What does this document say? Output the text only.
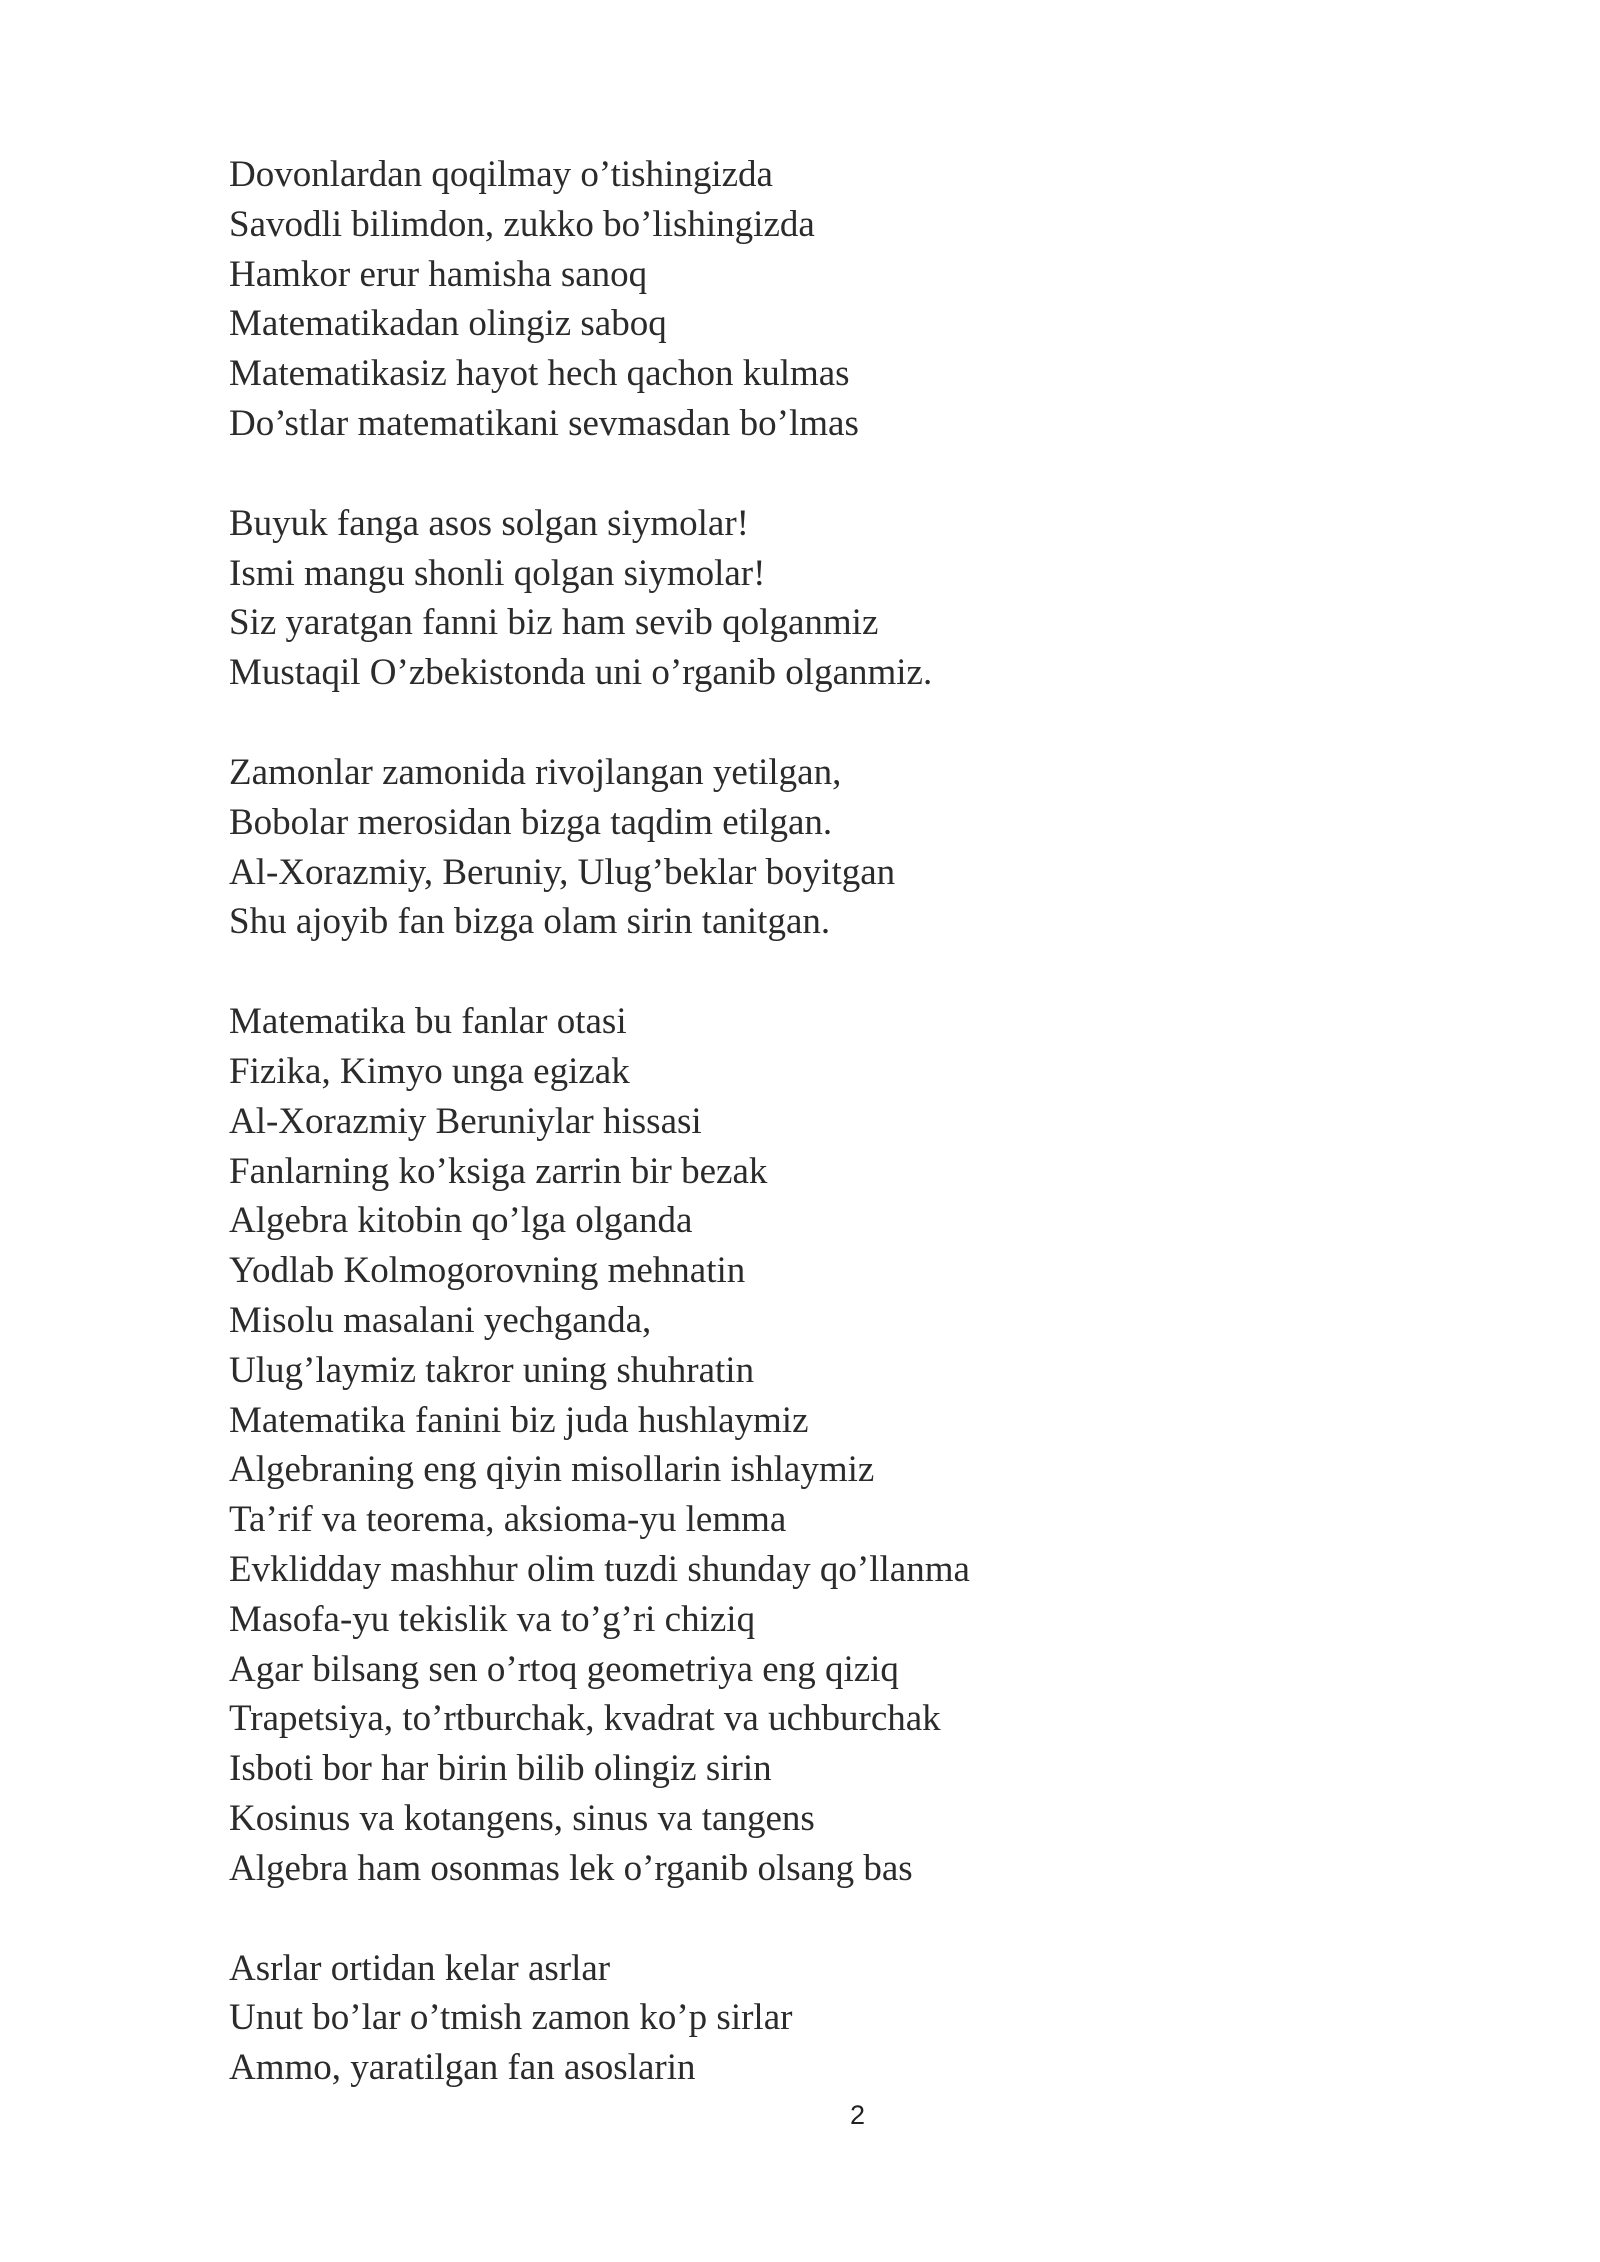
Dovonlardan qoqilmay o’tishingizda
Savodli bilimdon, zukko bo’lishingizda
Hamkor erur hamisha sanoq
Matematikadan olingiz saboq
Matematikasiz hayot hech qachon kulmas
Do’stlar matematikani sevmasdan bo’lmas
Buyuk fanga asos solgan siymolar!
Ismi mangu shonli qolgan siymolar!
Siz yaratgan fanni biz ham sevib qolganmiz
Mustaqil O’zbekistonda uni o’rganib olganmiz.
Zamonlar zamonida rivojlangan yetilgan,
Bobolar merosidan bizga taqdim etilgan.
Al-Xorazmiy, Beruniy, Ulug’beklar boyitgan
Shu ajoyib fan bizga olam sirin tanitgan.
Matematika bu fanlar otasi
Fizika, Kimyo unga egizak
Al-Xorazmiy Beruniylar hissasi
Fanlarning ko’ksiga zarrin bir bezak
Algebra kitobin qo’lga olganda
Yodlab Kolmogorovning mehnatin
Misolu masalani yechganda,
Ulug’laymiz takror uning shuhratin
Matematika fanini biz juda hushlaymiz
Algebraning eng qiyin misollarin ishlaymiz
Ta’rif va teorema, aksioma-yu lemma
Evklidday mashhur olim tuzdi shunday qo’llanma
Masofa-yu tekislik va to’g’ri chiziq
Agar bilsang sen o’rtoq geometriya eng qiziq
Trapetsiya, to’rtburchak, kvadrat va uchburchak
Isboti bor har birin bilib olingiz sirin
Kosinus va kotangens, sinus va tangens
Algebra ham osonmas lek o’rganib olsang bas
Asrlar ortidan kelar asrlar
Unut bo’lar o’tmish zamon ko’p sirlar
Ammo, yaratilgan fan asoslarin
2
